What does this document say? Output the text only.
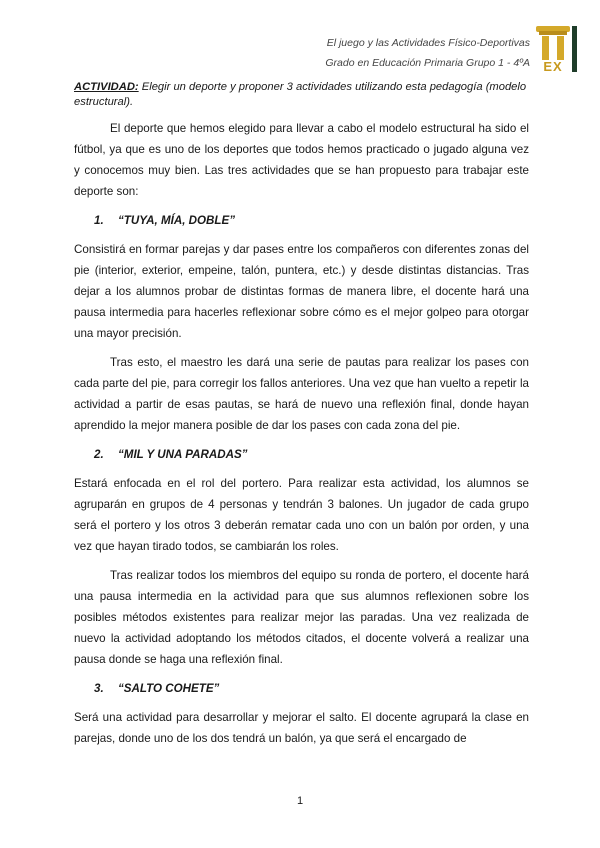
El juego y las Actividades Físico-Deportivas
Grado en Educación Primaria Grupo 1 - 4ºA	EX
ACTIVIDAD: Elegir un deporte y proponer 3 actividades utilizando esta pedagogía (modelo estructural).

El deporte que hemos elegido para llevar a cabo el modelo estructural ha sido el fútbol, ya que es uno de los deportes que todos hemos practicado o jugado alguna vez y conocemos muy bien. Las tres actividades que se han propuesto para trabajar este deporte son:

1. “TUYA, MÍA, DOBLE”

Consistirá en formar parejas y dar pases entre los compañeros con diferentes zonas del pie (interior, exterior, empeine, talón, puntera, etc.) y desde distintas distancias. Tras dejar a los alumnos probar de distintas formas de manera libre, el docente hará una pausa intermedia para hacerles reflexionar sobre cómo es el mejor golpeo para otorgar una mayor precisión.

Tras esto, el maestro les dará una serie de pautas para realizar los pases con cada parte del pie, para corregir los fallos anteriores. Una vez que han vuelto a repetir la actividad a partir de esas pautas, se hará de nuevo una reflexión final, donde hayan aprendido la mejor manera posible de dar los pases con cada zona del pie.

2. “MIL Y UNA PARADAS”

Estará enfocada en el rol del portero. Para realizar esta actividad, los alumnos se agruparán en grupos de 4 personas y tendrán 3 balones. Un jugador de cada grupo será el portero y los otros 3 deberán rematar cada uno con un balón por orden, y una vez que hayan tirado todos, se cambiarán los roles.

Tras realizar todos los miembros del equipo su ronda de portero, el docente hará una pausa intermedia en la actividad para que sus alumnos reflexionen sobre los posibles métodos existentes para realizar mejor las paradas. Una vez realizada de nuevo la actividad adoptando los métodos citados, el docente volverá a realizar una pausa donde se haga una reflexión final.

3. “SALTO COHETE”

Será una actividad para desarrollar y mejorar el salto. El docente agrupará la clase en parejas, donde uno de los dos tendrá un balón, ya que será el encargado de

1
